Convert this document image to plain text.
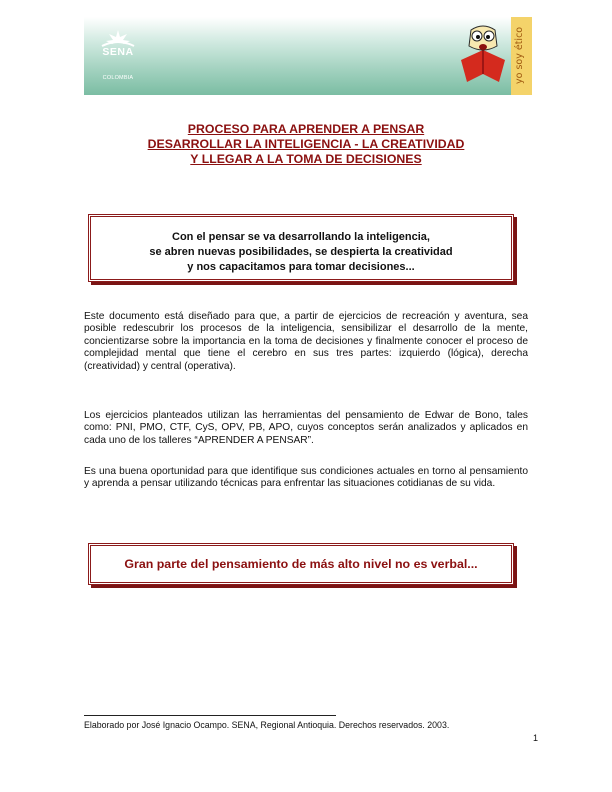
SENA
COLOMBIA	yo soy ético
PROCESO PARA APRENDER A PENSAR
DESARROLLAR LA INTELIGENCIA - LA CREATIVIDAD
Y LLEGAR A LA TOMA DE DECISIONES
Con el pensar se va desarrollando la inteligencia,
se abren nuevas posibilidades, se despierta la creatividad
y nos capacitamos para tomar decisiones...
Este documento está diseñado para que, a partir de ejercicios de recreación y aventura, sea posible redescubrir los procesos de la inteligencia, sensibilizar el desarrollo de la mente, concientizarse sobre la importancia en la toma de decisiones y finalmente conocer el proceso de complejidad mental que tiene el cerebro en sus tres partes: izquierdo (lógica), derecha (creatividad) y central (operativa).
Los ejercicios planteados utilizan las herramientas del pensamiento de Edwar de Bono, tales como: PNI, PMO, CTF, CyS, OPV, PB, APO, cuyos conceptos serán analizados y aplicados en cada uno de los talleres “APRENDER A PENSAR”.
Es una buena oportunidad para que identifique sus condiciones actuales en torno al pensamiento y aprenda a pensar utilizando técnicas para enfrentar las situaciones cotidianas de su vida.
Gran parte del pensamiento de más alto nivel no es verbal...
Elaborado por José Ignacio Ocampo. SENA, Regional Antioquia. Derechos reservados. 2003.
1
